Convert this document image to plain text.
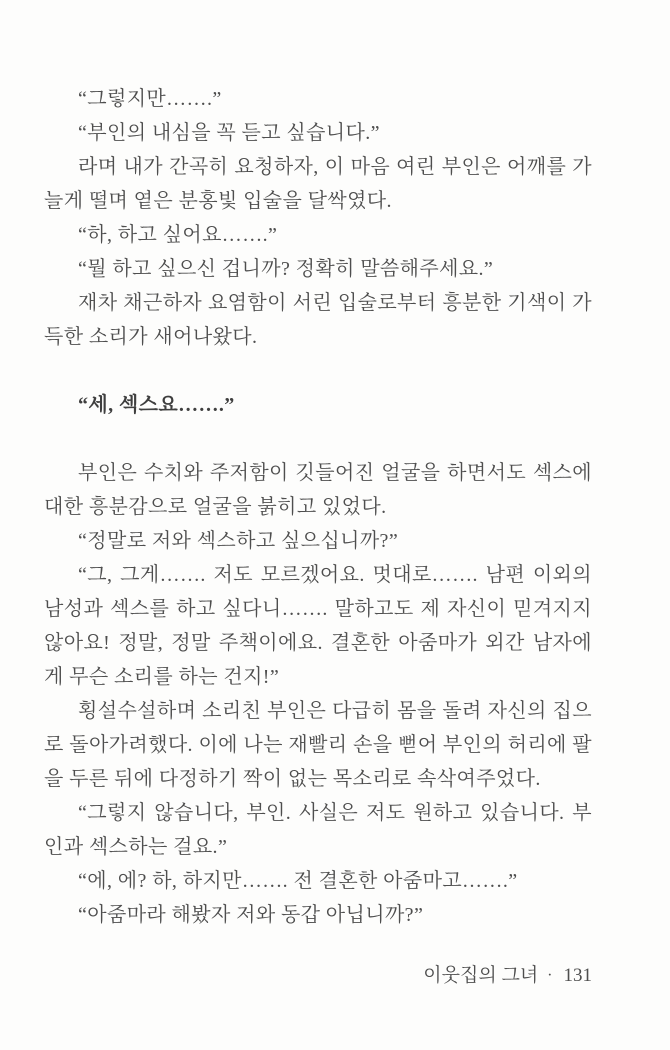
“그렇지만…….”

“부인의 내심을 꼭 듣고 싶습니다.”

라며 내가 간곡히 요청하자, 이 마음 여린 부인은 어깨를 가늘게 떨며 옅은 분홍빛 입술을 달싹였다.

“하, 하고 싶어요…….”

“뭘 하고 싶으신 겁니까? 정확히 말씀해주세요.”

재차 채근하자 요염함이 서린 입술로부터 흥분한 기색이 가득한 소리가 새어나왔다.

“세, 섹스요…….”

부인은 수치와 주저함이 깃들어진 얼굴을 하면서도 섹스에 대한 흥분감으로 얼굴을 붉히고 있었다.

“정말로 저와 섹스하고 싶으십니까?”

“그, 그게……. 저도 모르겠어요. 멋대로……. 남편 이외의 남성과 섹스를 하고 싶다니……. 말하고도 제 자신이 믿겨지지 않아요! 정말, 정말 주책이에요. 결혼한 아줌마가 외간 남자에게 무슨 소리를 하는 건지!”

횡설수설하며 소리친 부인은 다급히 몸을 돌려 자신의 집으로 돌아가려했다. 이에 나는 재빨리 손을 뻗어 부인의 허리에 팔을 두른 뒤에 다정하기 짝이 없는 목소리로 속삭여주었다.

“그렇지 않습니다, 부인. 사실은 저도 원하고 있습니다. 부인과 섹스하는 걸요.”

“에, 에? 하, 하지만……. 전 결혼한 아줌마고…….”

“아줌마라 해봤자 저와 동갑 아닙니까?”

이웃집의 그녀 · 131
